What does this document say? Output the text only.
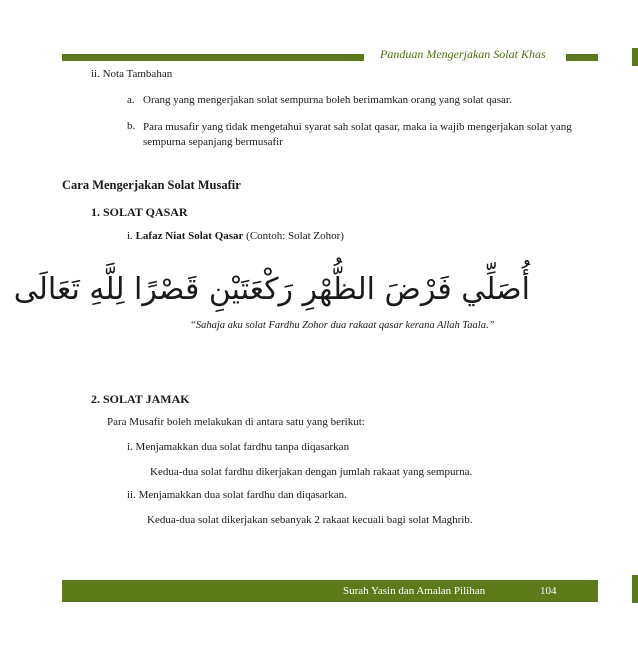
Panduan Mengerjakan Solat Khas
ii. Nota Tambahan
a. Orang yang mengerjakan solat sempurna boleh berimamkan orang yang solat qasar.
b. Para musafir yang tidak mengetahui syarat sah solat qasar, maka ia wajib mengerjakan solat yang sempurna sepanjang bermusafir
Cara Mengerjakan Solat Musafir
1. SOLAT QASAR
i. Lafaz Niat Solat Qasar (Contoh: Solat Zohor)
أُصَلِّي فَرْضَ الظُّهْرِ رَكْعَتَيْنِ قَصْرًا لِلَّهِ تَعَالَى
“Sahaja aku solat Fardhu Zohor dua rakaat qasar kerana Allah Taala.”
2. SOLAT JAMAK
Para Musafir boleh melakukan di antara satu yang berikut:
i. Menjamakkan dua solat fardhu tanpa diqasarkan
Kedua-dua solat fardhu dikerjakan dengan jumlah rakaat yang sempurna.
ii. Menjamakkan dua solat fardhu dan diqasarkan.
Kedua-dua solat dikerjakan sebanyak 2 rakaat kecuali bagi solat Maghrib.
Surah Yasin dan Amalan Pilihan	104
